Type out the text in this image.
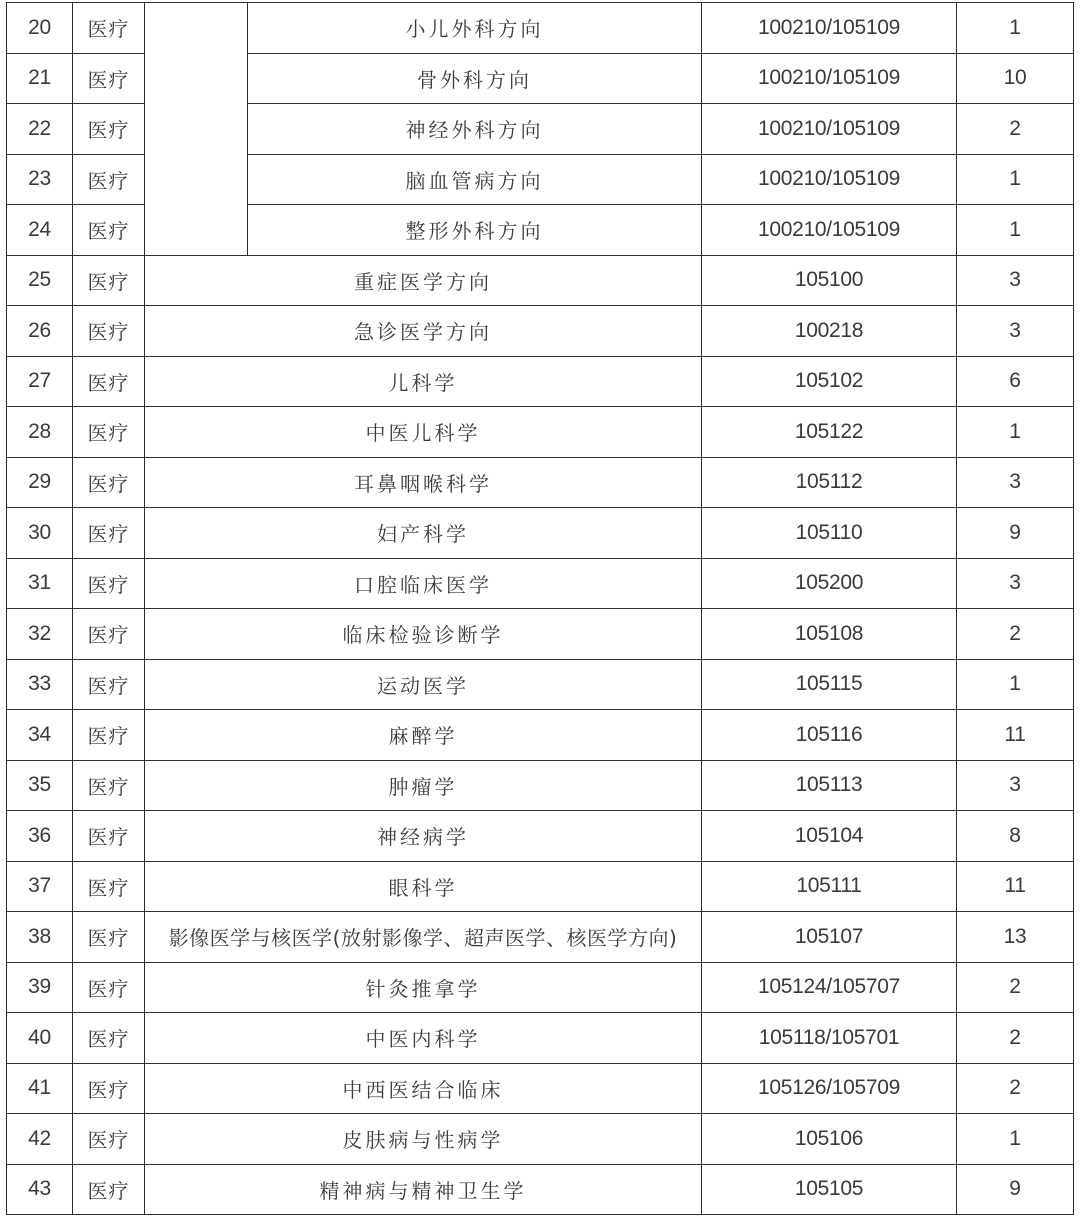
20	医疗		小儿外科方向	100210/105109	1
21	医疗		骨外科方向	100210/105109	10
22	医疗		神经外科方向	100210/105109	2
23	医疗		脑血管病方向	100210/105109	1
24	医疗		整形外科方向	100210/105109	1
25	医疗	重症医学方向		105100	3
26	医疗	急诊医学方向		100218	3
27	医疗	儿科学		105102	6
28	医疗	中医儿科学		105122	1
29	医疗	耳鼻咽喉科学		105112	3
30	医疗	妇产科学		105110	9
31	医疗	口腔临床医学		105200	3
32	医疗	临床检验诊断学		105108	2
33	医疗	运动医学		105115	1
34	医疗	麻醉学		105116	11
35	医疗	肿瘤学		105113	3
36	医疗	神经病学		105104	8
37	医疗	眼科学		105111	11
38	医疗	影像医学与核医学(放射影像学、超声医学、核医学方向)		105107	13
39	医疗	针灸推拿学		105124/105707	2
40	医疗	中医内科学		105118/105701	2
41	医疗	中西医结合临床		105126/105709	2
42	医疗	皮肤病与性病学		105106	1
43	医疗	精神病与精神卫生学		105105	9
